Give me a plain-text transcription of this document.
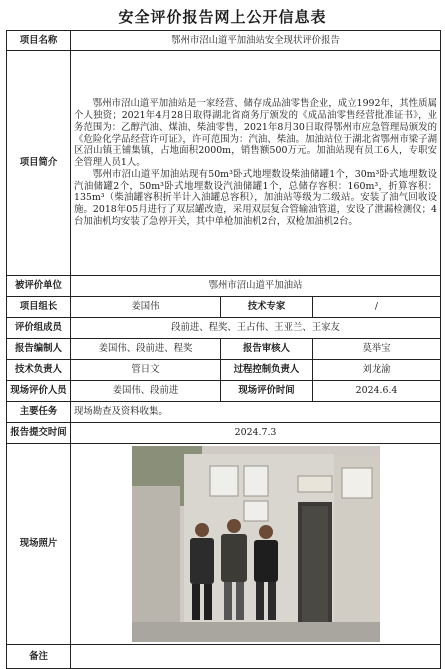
安全评价报告网上公开信息表
项目名称	鄂州市沼山道平加油站安全现状评价报告		
项目简介	鄂州市沼山道平加油站是一家经营、储存成品油零售企业，成立1992年，其性质属个人独资；2021年4月28日取得湖北省商务厅颁发的《成品油零售经营批准证书》，业务范围为：乙醇汽油、煤油、柴油零售，2021年8月30日取得鄂州市应急管理局颁发的《危险化学品经营许可证》，许可范围为：汽油、柴油。加油站位于湖北省鄂州市梁子湖区沼山镇王铺集镇，占地面积2000m，销售额500万元。加油站现有员工6人，专职安全管理人员1人。

鄂州市沼山道平加油站现有50m³卧式地埋数设柴油储罐1个，30m³卧式地埋数设汽油储罐2个，50m³卧式地埋数设汽油储罐1个，总储存容积：160m³，折算容积：135m³（柴油罐容积折半计入油罐总容积），加油站等级为二级站。安装了油气回收设施。2018年05月进行了双层罐改造，采用双层复合管输油管道，安设了泄漏检测仪；4台加油机均安装了急停开关，其中单枪加油机2台，双枪加油机2台。		

被评价单位	鄂州市沼山道平加油站		
项目组长	姜国伟	技术专家	/
评价组成员	段前进、程奖、王占伟、王亚兰、王家友		
报告编制人	姜国伟、段前进、程奖	报告审核人	莫举宝
技术负责人	管日文	过程控制负责人	刘龙渝
现场评价人员	姜国伟、段前进	现场评价时间	2024.6.4
主要任务	现场勘查及资料收集。		
报告提交时间	2024.7.3		
现场照片	

备注			
